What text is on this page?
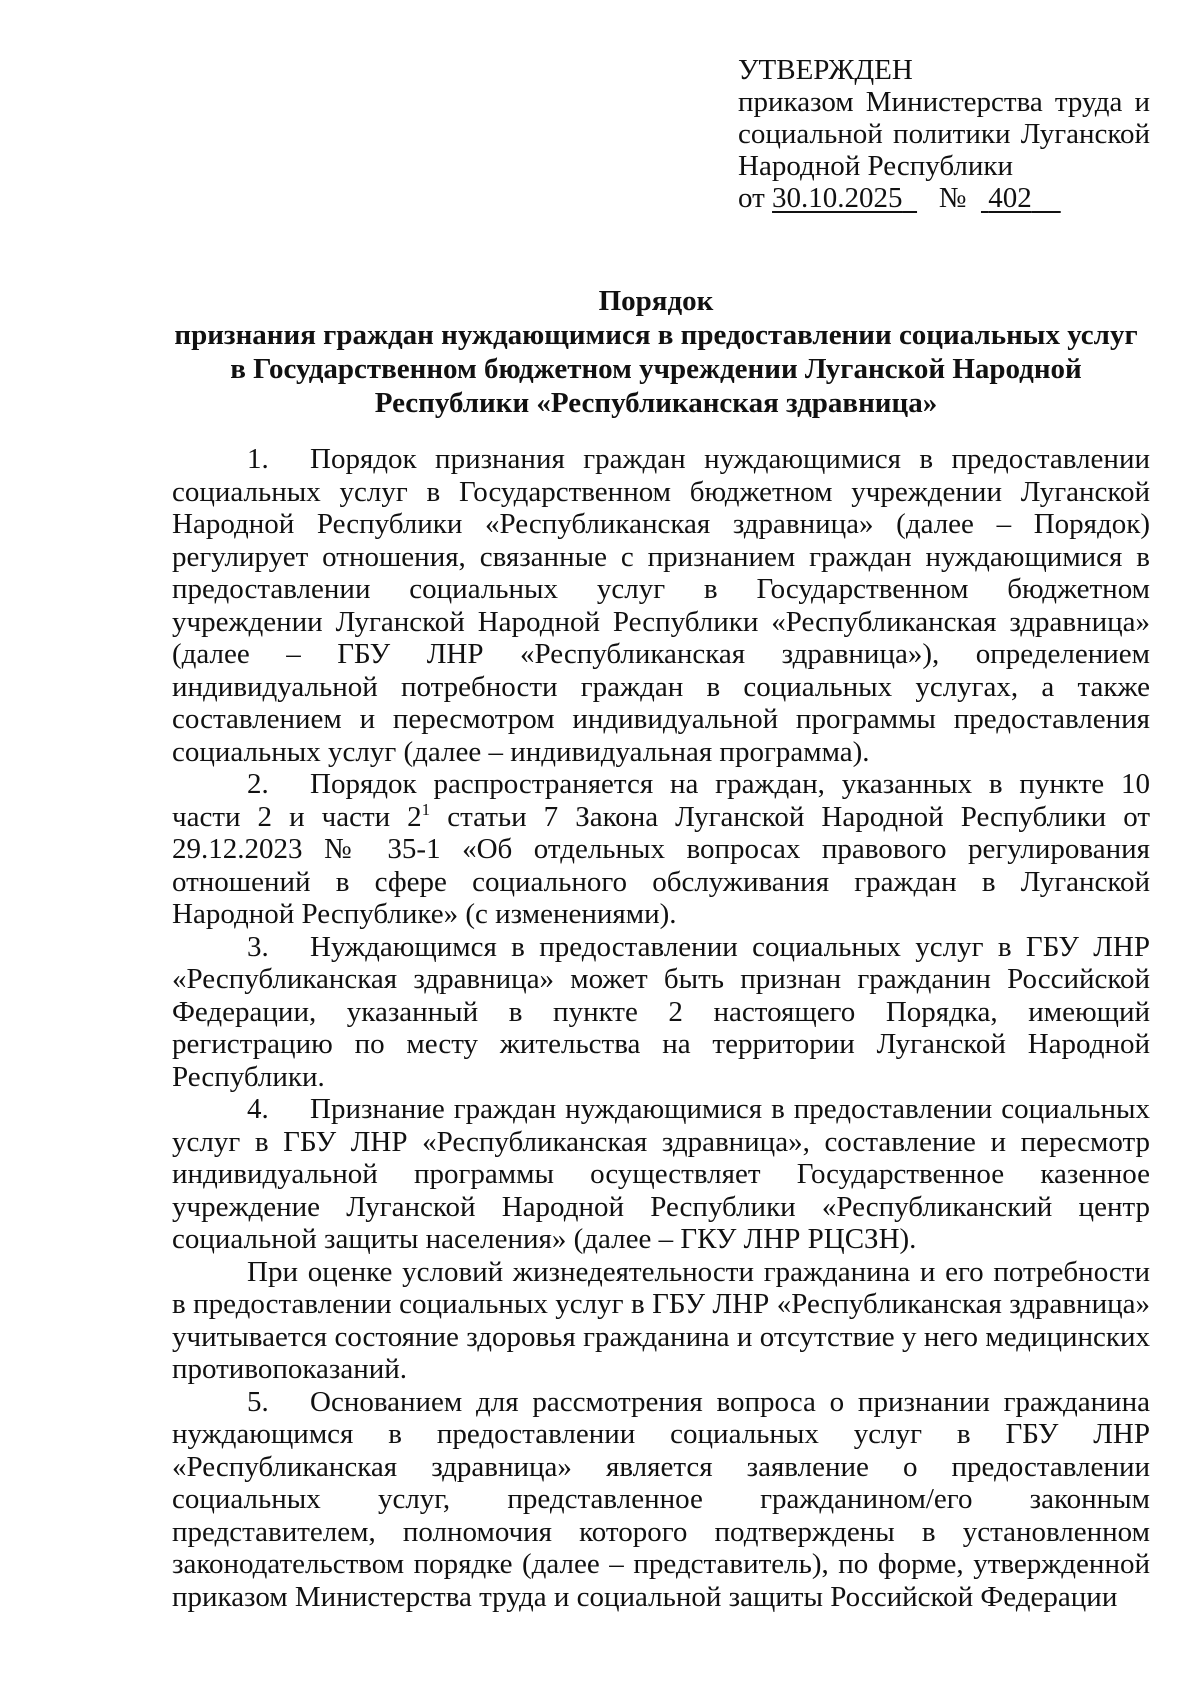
УТВЕРЖДЕН
приказом Министерства труда и социальной политики Луганской Народной Республики
от 30.10.2025 № 402
Порядок
признания граждан нуждающимися в предоставлении социальных услуг
в Государственном бюджетном учреждении Луганской Народной
Республики «Республиканская здравница»

1. Порядок признания граждан нуждающимися в предоставлении социальных услуг в Государственном бюджетном учреждении Луганской Народной Республики «Республиканская здравница» (далее – Порядок) регулирует отношения, связанные с признанием граждан нуждающимися в предоставлении социальных услуг в Государственном бюджетном учреждении Луганской Народной Республики «Республиканская здравница» (далее – ГБУ ЛНР «Республиканская здравница»), определением индивидуальной потребности граждан в социальных услугах, а также составлением и пересмотром индивидуальной программы предоставления социальных услуг (далее – индивидуальная программа).

2. Порядок распространяется на граждан, указанных в пункте 10 части 2 и части $2^1$ статьи 7 Закона Луганской Народной Республики от 29.12.2023 № 35-1 «Об отдельных вопросах правового регулирования отношений в сфере социального обслуживания граждан в Луганской Народной Республике» (с изменениями).

3. Нуждающимся в предоставлении социальных услуг в ГБУ ЛНР «Республиканская здравница» может быть признан гражданин Российской Федерации, указанный в пункте 2 настоящего Порядка, имеющий регистрацию по месту жительства на территории Луганской Народной Республики.

4. Признание граждан нуждающимися в предоставлении социальных услуг в ГБУ ЛНР «Республиканская здравница», составление и пересмотр индивидуальной программы осуществляет Государственное казенное учреждение Луганской Народной Республики «Республиканский центр социальной защиты населения» (далее – ГКУ ЛНР РЦСЗН).

При оценке условий жизнедеятельности гражданина и его потребности в предоставлении социальных услуг в ГБУ ЛНР «Республиканская здравница» учитывается состояние здоровья гражданина и отсутствие у него медицинских противопоказаний.

5. Основанием для рассмотрения вопроса о признании гражданина нуждающимся в предоставлении социальных услуг в ГБУ ЛНР «Республиканская здравница» является заявление о предоставлении социальных услуг, представленное гражданином/его законным представителем, полномочия которого подтверждены в установленном законодательством порядке (далее – представитель), по форме, утвержденной приказом Министерства труда и социальной защиты Российской Федерации
